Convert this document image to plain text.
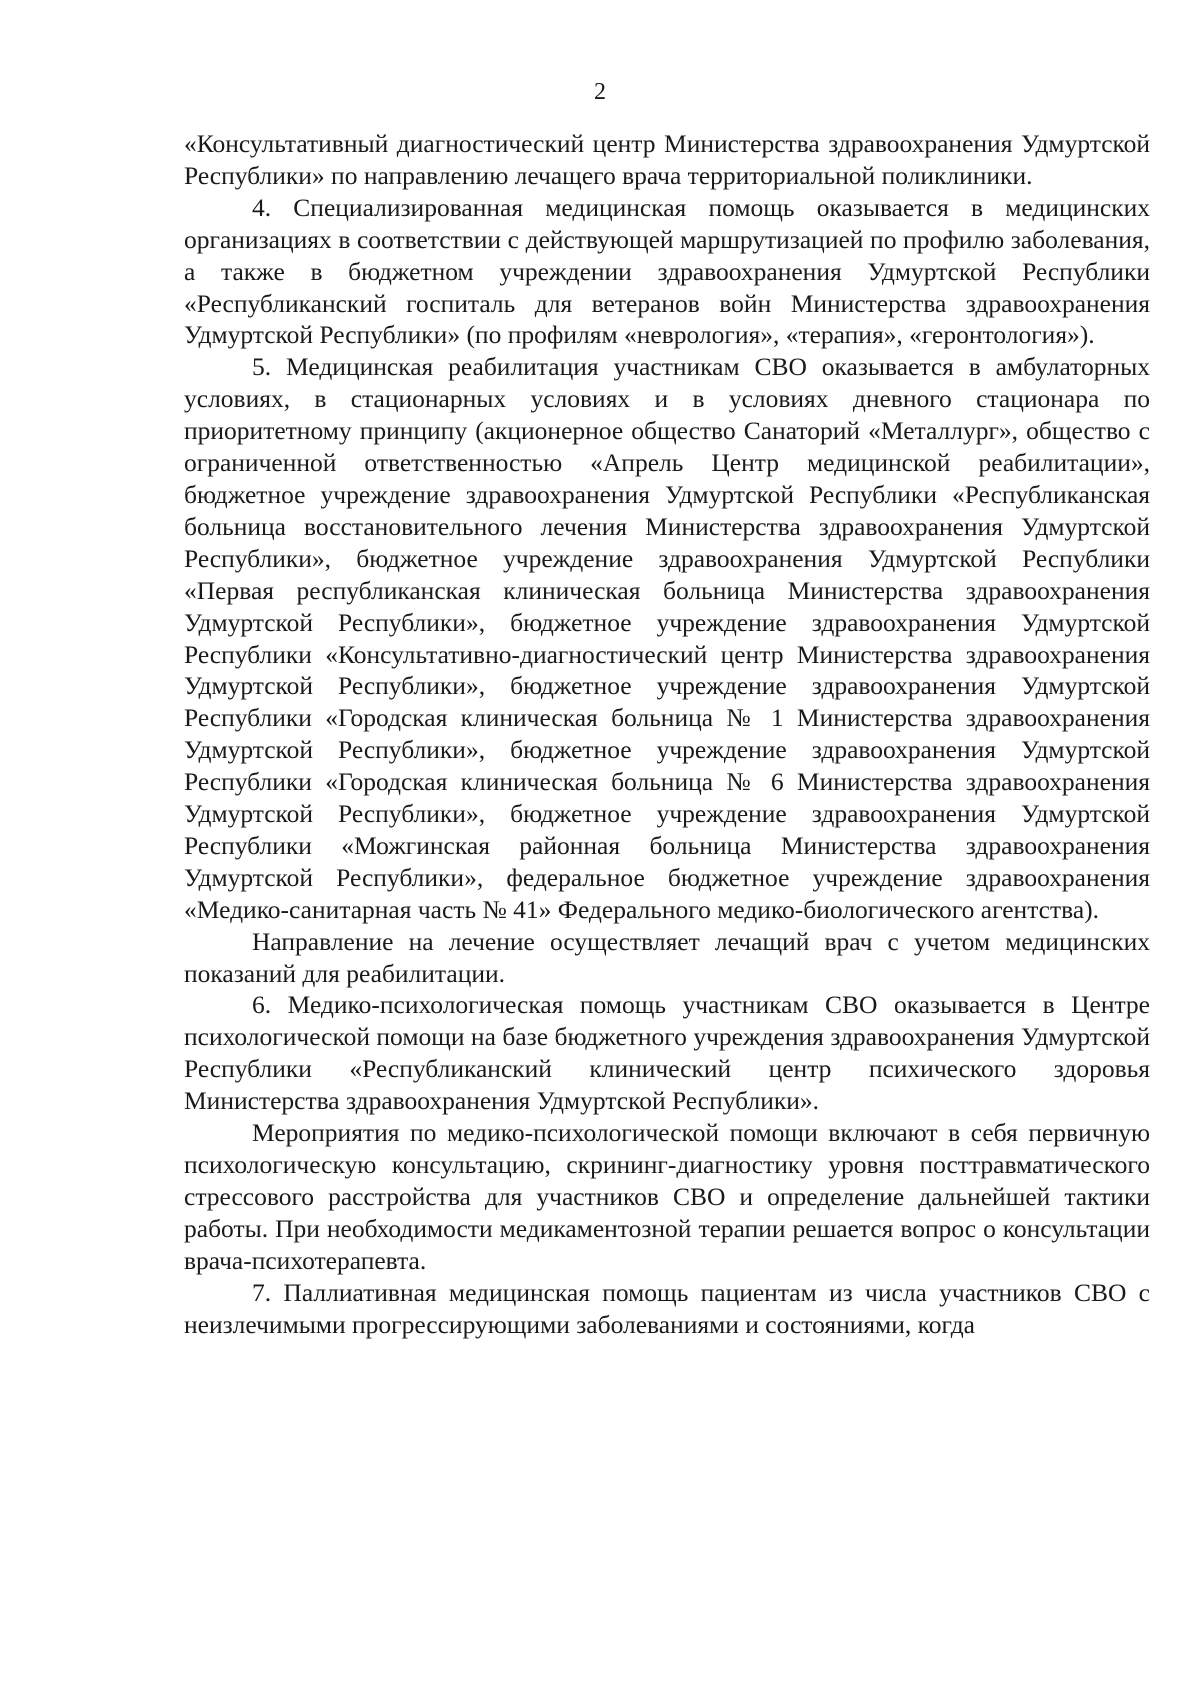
2

«Консультативный диагностический центр Министерства здравоохранения Удмуртской Республики» по направлению лечащего врача территориальной поликлиники.

4. Специализированная медицинская помощь оказывается в медицинских организациях в соответствии с действующей маршрутизацией по профилю заболевания, а также в бюджетном учреждении здравоохранения Удмуртской Республики «Республиканский госпиталь для ветеранов войн Министерства здравоохранения Удмуртской Республики» (по профилям «неврология», «терапия», «геронтология»).

5. Медицинская реабилитация участникам СВО оказывается в амбулаторных условиях, в стационарных условиях и в условиях дневного стационара по приоритетному принципу (акционерное общество Санаторий «Металлург», общество с ограниченной ответственностью «Апрель Центр медицинской реабилитации», бюджетное учреждение здравоохранения Удмуртской Республики «Республиканская больница восстановительного лечения Министерства здравоохранения Удмуртской Республики», бюджетное учреждение здравоохранения Удмуртской Республики «Первая республиканская клиническая больница Министерства здравоохранения Удмуртской Республики», бюджетное учреждение здравоохранения Удмуртской Республики «Консультативно-диагностический центр Министерства здравоохранения Удмуртской Республики», бюджетное учреждение здравоохранения Удмуртской Республики «Городская клиническая больница № 1 Министерства здравоохранения Удмуртской Республики», бюджетное учреждение здравоохранения Удмуртской Республики «Городская клиническая больница № 6 Министерства здравоохранения Удмуртской Республики», бюджетное учреждение здравоохранения Удмуртской Республики «Можгинская районная больница Министерства здравоохранения Удмуртской Республики», федеральное бюджетное учреждение здравоохранения «Медико-санитарная часть № 41» Федерального медико-биологического агентства).

Направление на лечение осуществляет лечащий врач с учетом медицинских показаний для реабилитации.

6. Медико-психологическая помощь участникам СВО оказывается в Центре психологической помощи на базе бюджетного учреждения здравоохранения Удмуртской Республики «Республиканский клинический центр психического здоровья Министерства здравоохранения Удмуртской Республики».

Мероприятия по медико-психологической помощи включают в себя первичную психологическую консультацию, скрининг-диагностику уровня посттравматического стрессового расстройства для участников СВО и определение дальнейшей тактики работы. При необходимости медикаментозной терапии решается вопрос о консультации врача-психотерапевта.

7. Паллиативная медицинская помощь пациентам из числа участников СВО с неизлечимыми прогрессирующими заболеваниями и состояниями, когда
